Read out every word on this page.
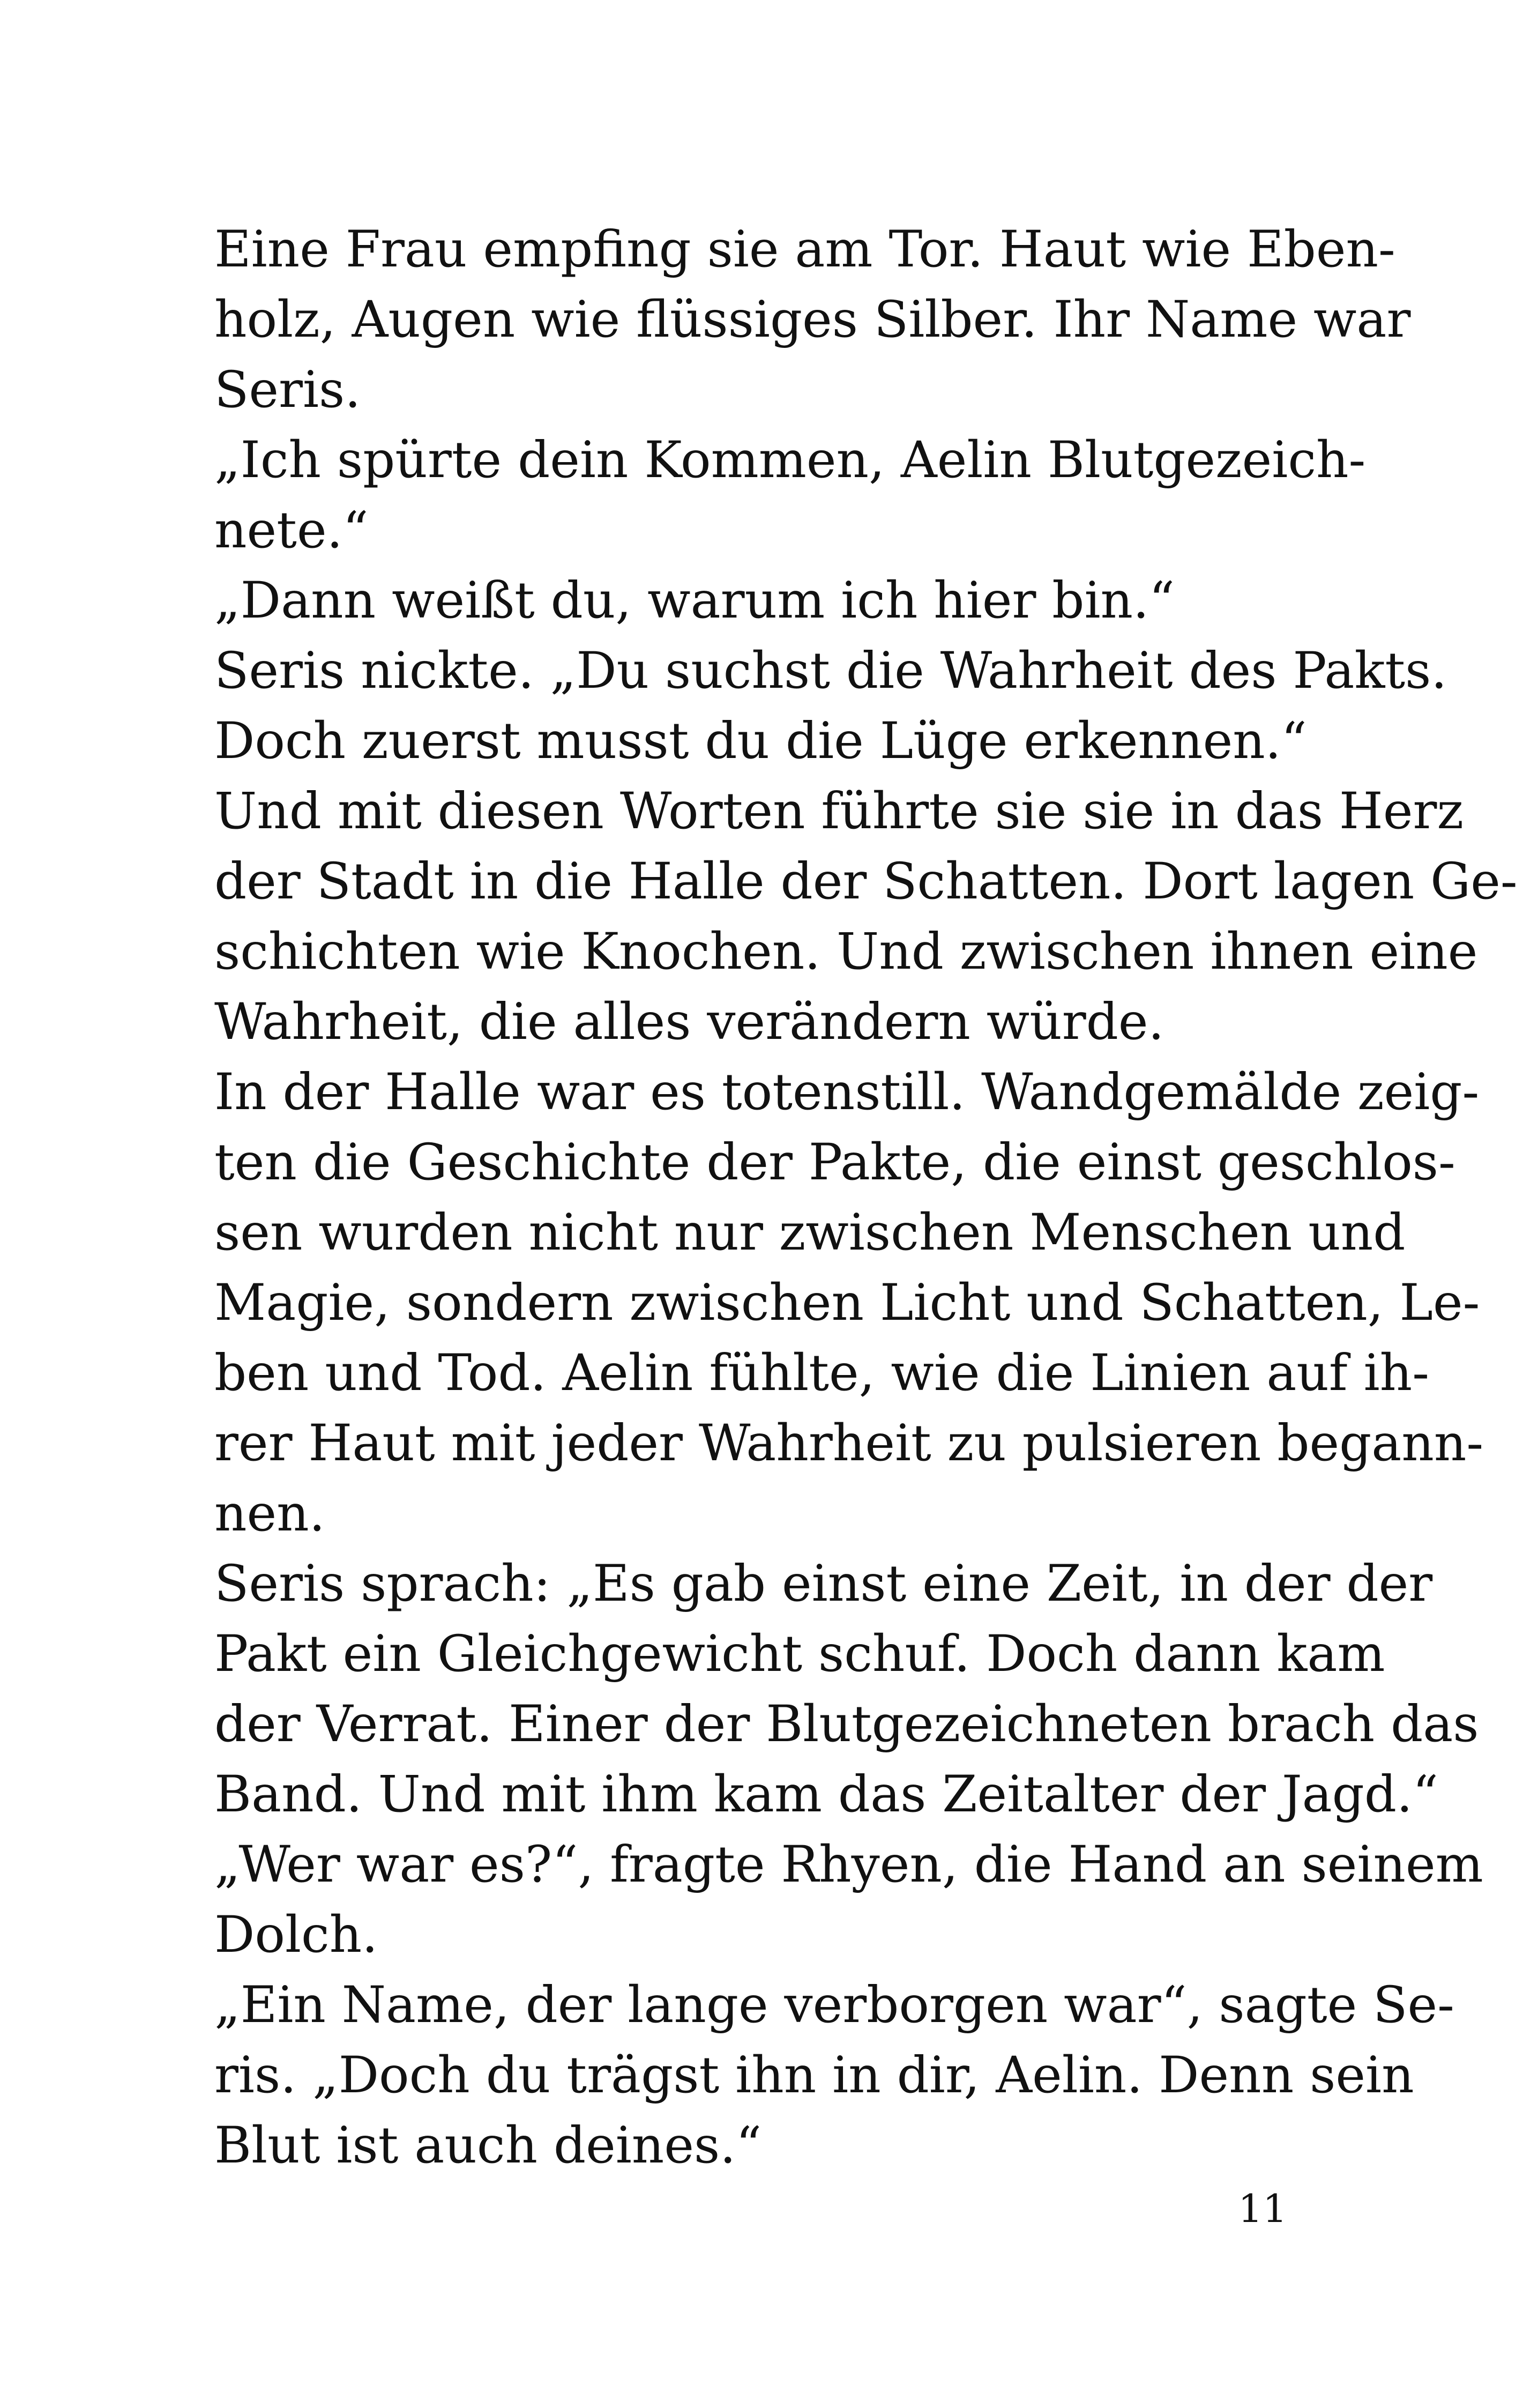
Eine Frau empfing sie am Tor. Haut wie Eben-
holz, Augen wie flüssiges Silber. Ihr Name war
Seris.
„Ich spürte dein Kommen, Aelin Blutgezeich-
nete.“
„Dann weißt du, warum ich hier bin.“
Seris nickte. „Du suchst die Wahrheit des Pakts.
Doch zuerst musst du die Lüge erkennen.“
Und mit diesen Worten führte sie sie in das Herz
der Stadt in die Halle der Schatten. Dort lagen Ge-
schichten wie Knochen. Und zwischen ihnen eine
Wahrheit, die alles verändern würde.
In der Halle war es totenstill. Wandgemälde zeig-
ten die Geschichte der Pakte, die einst geschlos-
sen wurden nicht nur zwischen Menschen und
Magie, sondern zwischen Licht und Schatten, Le-
ben und Tod. Aelin fühlte, wie die Linien auf ih-
rer Haut mit jeder Wahrheit zu pulsieren begann-
nen.
Seris sprach: „Es gab einst eine Zeit, in der der
Pakt ein Gleichgewicht schuf. Doch dann kam
der Verrat. Einer der Blutgezeichneten brach das
Band. Und mit ihm kam das Zeitalter der Jagd.“
„Wer war es?“, fragte Rhyen, die Hand an seinem
Dolch.
„Ein Name, der lange verborgen war“, sagte Se-
ris. „Doch du trägst ihn in dir, Aelin. Denn sein
Blut ist auch deines.“
11
